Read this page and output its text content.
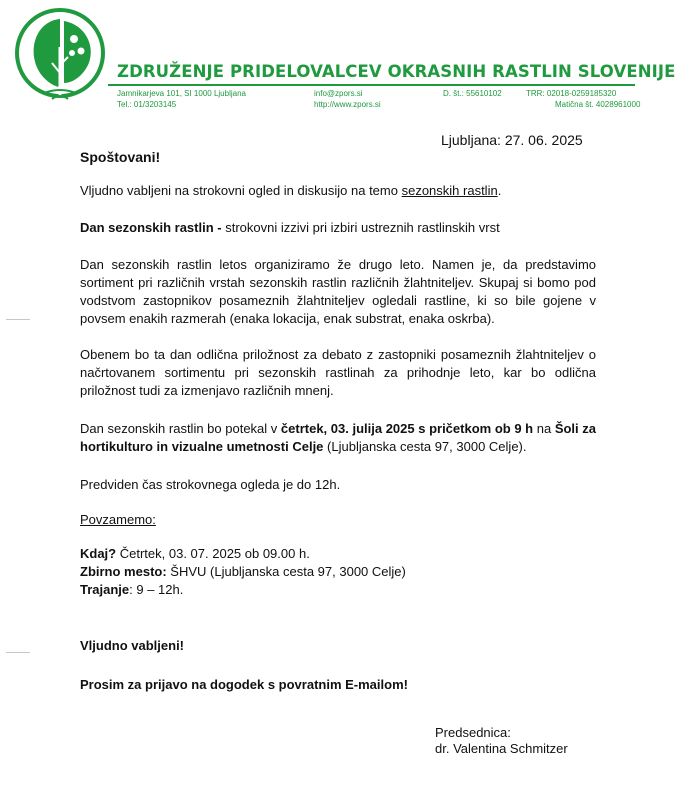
ZDRUŽENJE PRIDELOVALCEV OKRASNIH RASTLIN SLOVENIJE
Jamnikarjeva 101, SI 1000 Ljubljana
Tel.: 01/3203145
info@zpors.si
http://www.zpors.si
D. št.: 55610102	TRR: 02018-0259185320
Matična št. 4028961000
Ljubljana: 27. 06. 2025
Spoštovani!
Vljudno vabljeni na strokovni ogled in diskusijo na temo sezonskih rastlin.
Dan sezonskih rastlin - strokovni izzivi pri izbiri ustreznih rastlinskih vrst
Dan sezonskih rastlin letos organiziramo že drugo leto. Namen je, da predstavimo sortiment pri različnih vrstah sezonskih rastlin različnih žlahtniteljev. Skupaj si bomo pod vodstvom zastopnikov posameznih žlahtniteljev ogledali rastline, ki so bile gojene v povsem enakih razmerah (enaka lokacija, enak substrat, enaka oskrba).
Obenem bo ta dan odlična priložnost za debato z zastopniki posameznih žlahtniteljev o načrtovanem sortimentu pri sezonskih rastlinah za prihodnje leto, kar bo odlična priložnost tudi za izmenjavo različnih mnenj.
Dan sezonskih rastlin bo potekal v četrtek, 03. julija 2025 s pričetkom ob 9 h na Šoli za hortikulturo in vizualne umetnosti Celje (Ljubljanska cesta 97, 3000 Celje).
Predviden čas strokovnega ogleda je do 12h.
Povzamemo:
Kdaj? Četrtek, 03. 07. 2025 ob 09.00 h.
Zbirno mesto: ŠHVU (Ljubljanska cesta 97, 3000 Celje)
Trajanje: 9 – 12h.
Vljudno vabljeni!
Prosim za prijavo na dogodek s povratnim E-mailom!
Predsednica:
dr. Valentina Schmitzer
